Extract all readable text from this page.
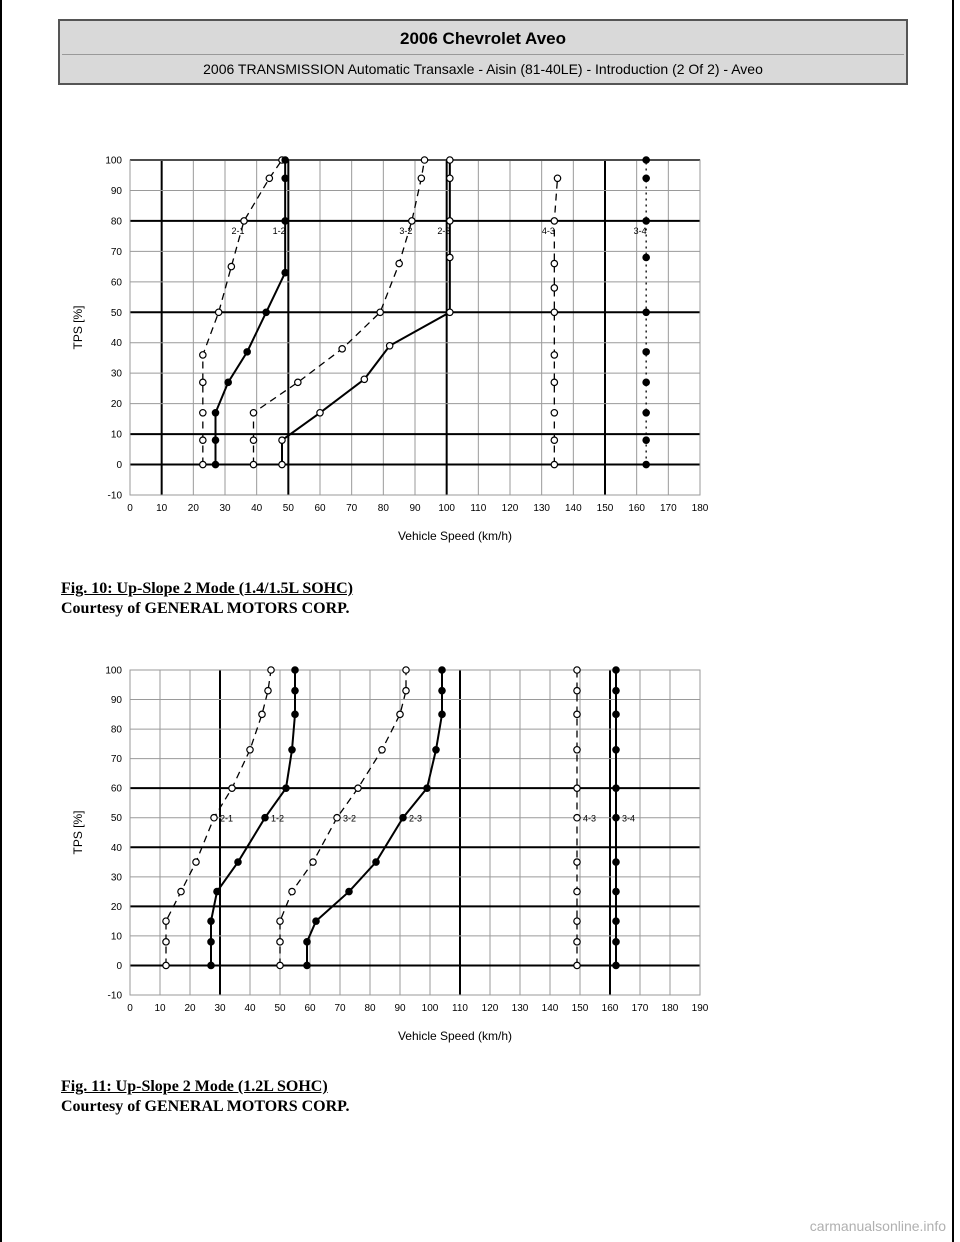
2006 Chevrolet Aveo
2006 TRANSMISSION Automatic Transaxle - Aisin (81-40LE) - Introduction (2 Of 2) - Aveo
0 10 20 30 40 50 60 70 80 90 100 110 120 130 140 150 160 170 180
-10
0
10
20
30
40
50
60
70
80
90
100
Vehicle Speed (km/h)
TPS [%]
2-1	1-2	3-2	2-3	4-3	3-4
Fig. 10: Up-Slope 2 Mode (1.4/1.5L SOHC)
Courtesy of GENERAL MOTORS CORP.
0 10 20 30 40 50 60 70 80 90 100 110 120 130 140 150 160 170 180 190
-10
0
10
20
30
40
50
60
70
80
90
100
Vehicle Speed (km/h)
TPS [%]	2-1	1-2	3-2	2-3	4-3	3-4
Fig. 11: Up-Slope 2 Mode (1.2L SOHC)
Courtesy of GENERAL MOTORS CORP.
carmanualsonline.info
